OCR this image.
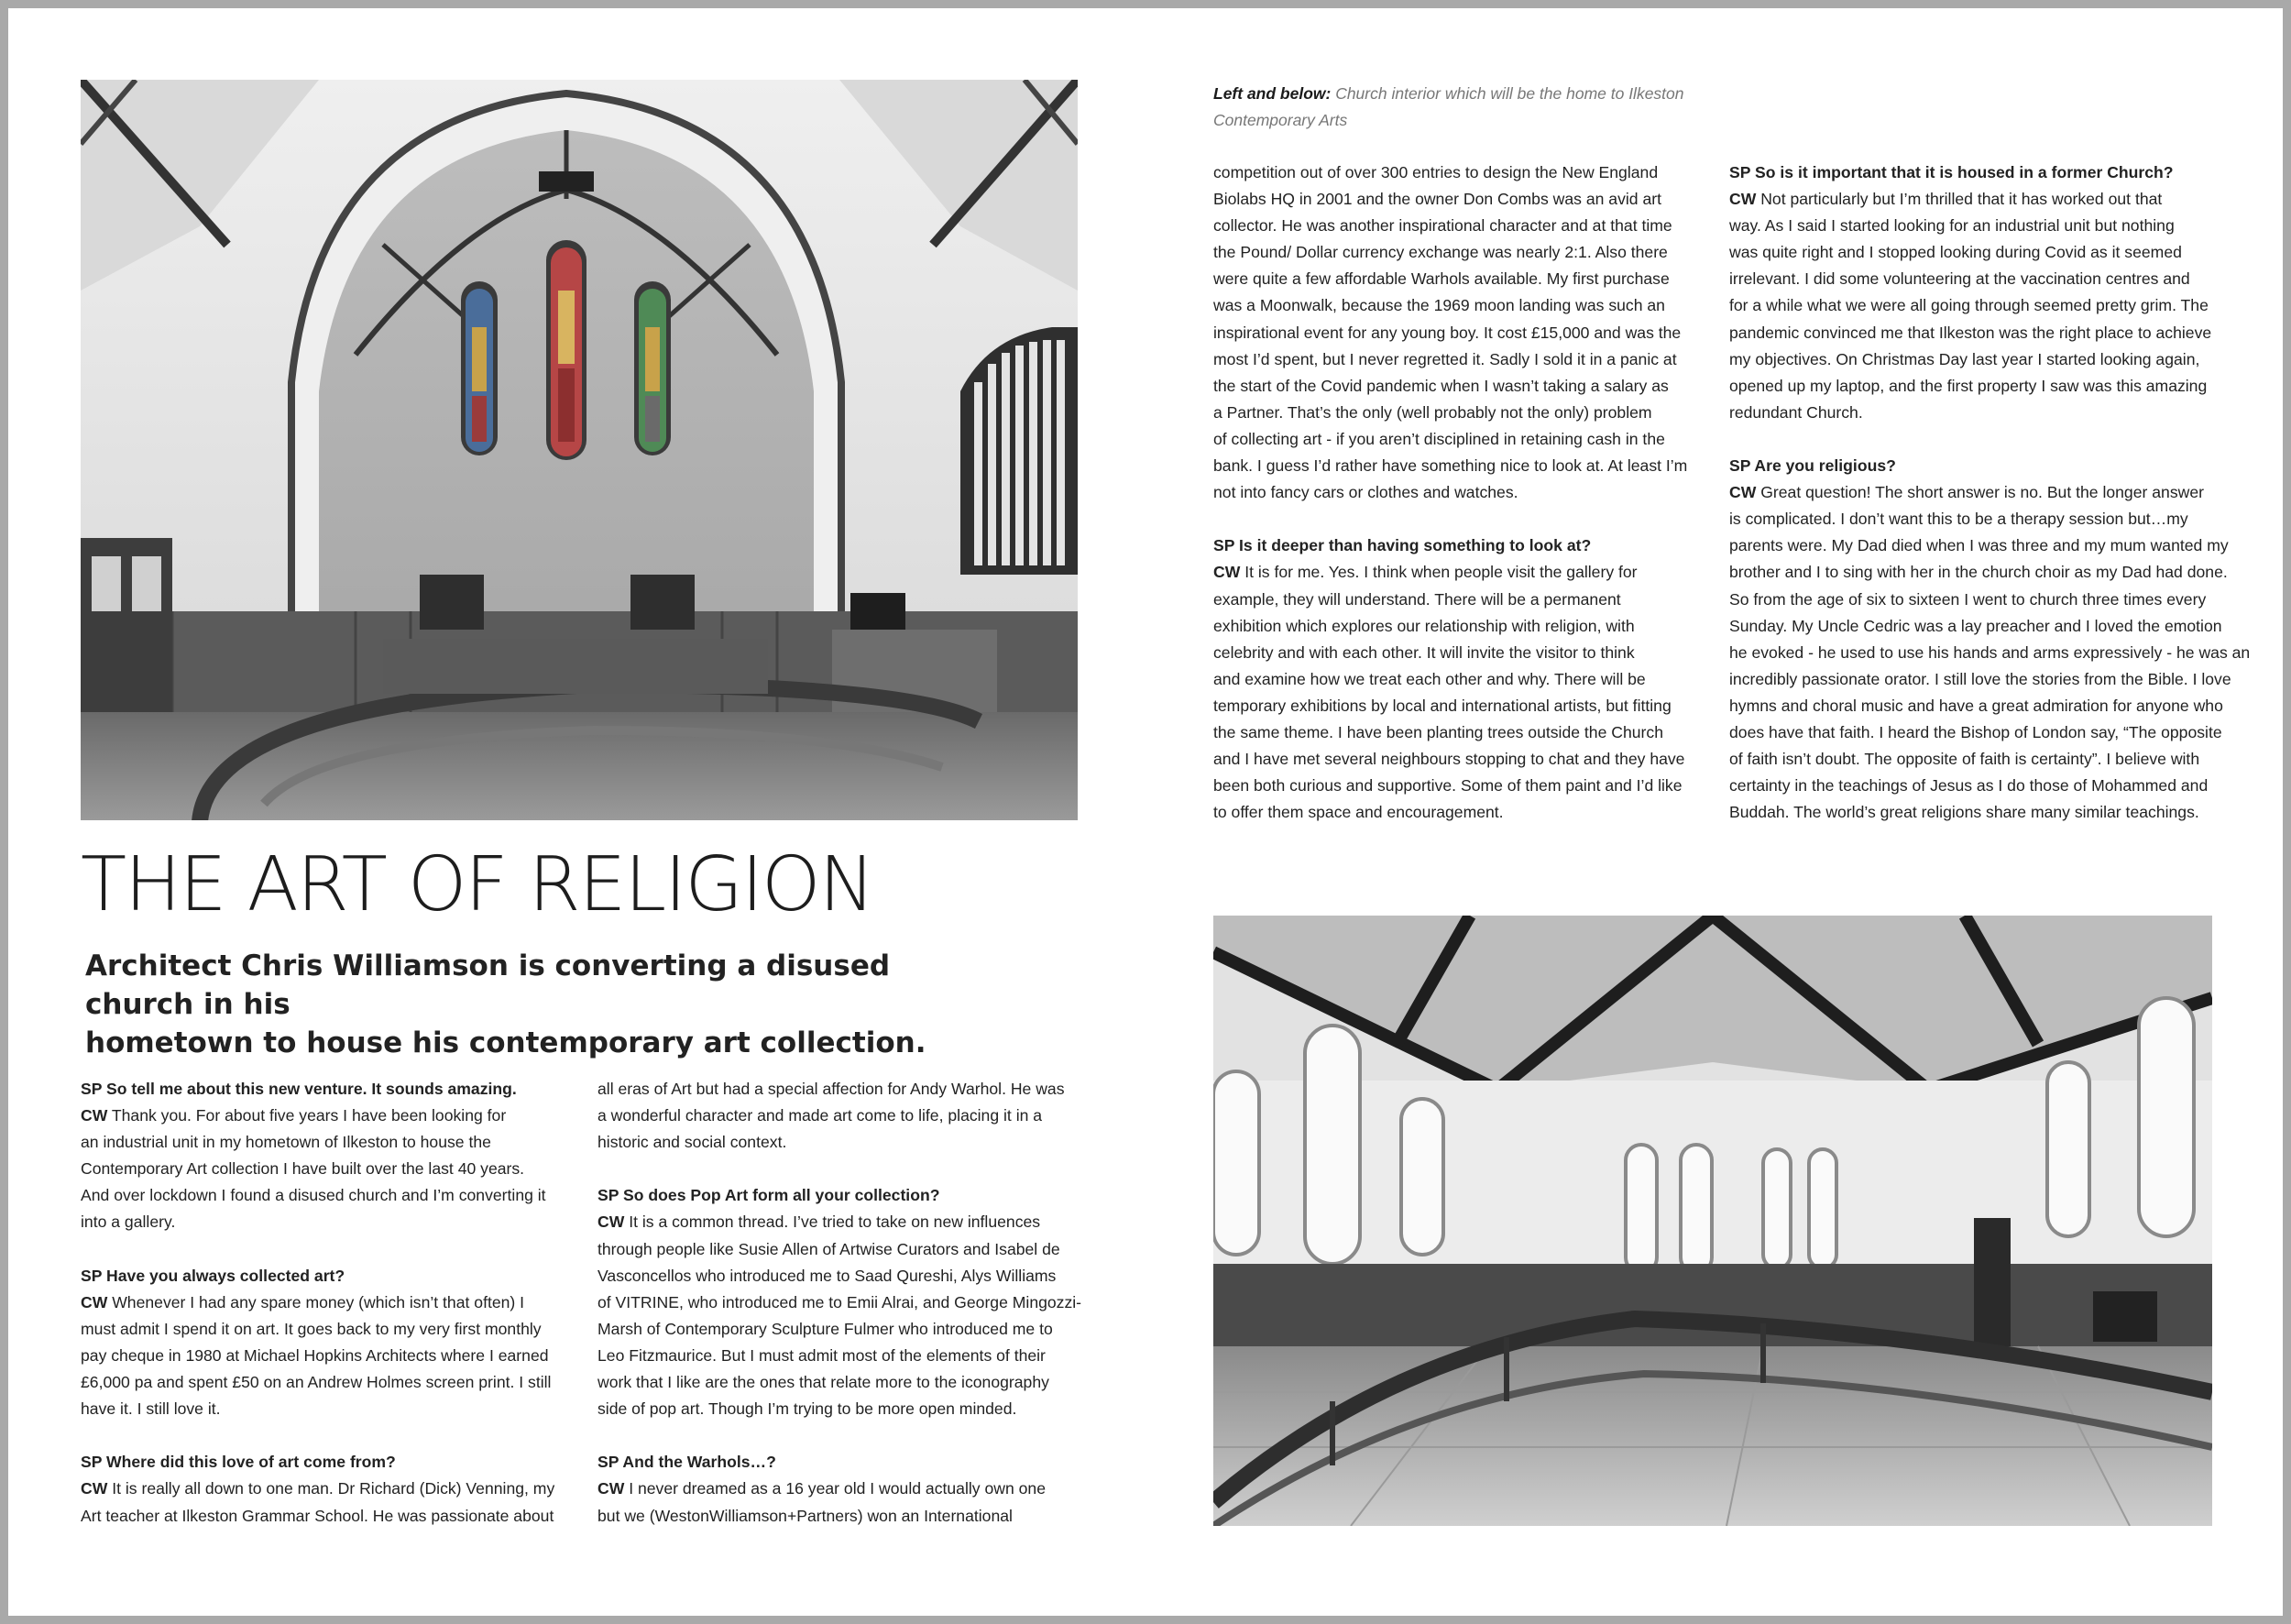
Left and below: Church interior which will be the home to Ilkeston
Contemporary Arts
THE ART OF RELIGION
Architect Chris Williamson is converting a disused church in his
hometown to house his contemporary art collection.
SP So tell me about this new venture. It sounds amazing.
CW Thank you. For about five years I have been looking for
an industrial unit in my hometown of Ilkeston to house the
Contemporary Art collection I have built over the last 40 years.
And over lockdown I found a disused church and I’m converting it
into a gallery.

SP Have you always collected art?
CW Whenever I had any spare money (which isn’t that often) I
must admit I spend it on art. It goes back to my very first monthly
pay cheque in 1980 at Michael Hopkins Architects where I earned
£6,000 pa and spent £50 on an Andrew Holmes screen print. I still
have it. I still love it.

SP Where did this love of art come from?
CW It is really all down to one man. Dr Richard (Dick) Venning, my
Art teacher at Ilkeston Grammar School. He was passionate about
all eras of Art but had a special affection for Andy Warhol. He was
a wonderful character and made art come to life, placing it in a
historic and social context.

SP So does Pop Art form all your collection?
CW It is a common thread. I’ve tried to take on new influences
through people like Susie Allen of Artwise Curators and Isabel de
Vasconcellos who introduced me to Saad Qureshi, Alys Williams
of VITRINE, who introduced me to Emii Alrai, and George Mingozzi-
Marsh of Contemporary Sculpture Fulmer who introduced me to
Leo Fitzmaurice. But I must admit most of the elements of their
work that I like are the ones that relate more to the iconography
side of pop art. Though I’m trying to be more open minded.

SP And the Warhols…?
CW I never dreamed as a 16 year old I would actually own one
but we (WestonWilliamson+Partners) won an International
competition out of over 300 entries to design the New England
Biolabs HQ in 2001 and the owner Don Combs was an avid art
collector. He was another inspirational character and at that time
the Pound/ Dollar currency exchange was nearly 2:1. Also there
were quite a few affordable Warhols available. My first purchase
was a Moonwalk, because the 1969 moon landing was such an
inspirational event for any young boy. It cost £15,000 and was the
most I’d spent, but I never regretted it. Sadly I sold it in a panic at
the start of the Covid pandemic when I wasn’t taking a salary as
a Partner. That’s the only (well probably not the only) problem
of collecting art - if you aren’t disciplined in retaining cash in the
bank. I guess I’d rather have something nice to look at. At least I’m
not into fancy cars or clothes and watches.

SP Is it deeper than having something to look at?
CW It is for me. Yes. I think when people visit the gallery for
example, they will understand. There will be a permanent
exhibition which explores our relationship with religion, with
celebrity and with each other. It will invite the visitor to think
and examine how we treat each other and why. There will be
temporary exhibitions by local and international artists, but fitting
the same theme. I have been planting trees outside the Church
and I have met several neighbours stopping to chat and they have
been both curious and supportive. Some of them paint and I’d like
to offer them space and encouragement.
SP So is it important that it is housed in a former Church?
CW Not particularly but I’m thrilled that it has worked out that
way. As I said I started looking for an industrial unit but nothing
was quite right and I stopped looking during Covid as it seemed
irrelevant. I did some volunteering at the vaccination centres and
for a while what we were all going through seemed pretty grim. The
pandemic convinced me that Ilkeston was the right place to achieve
my objectives. On Christmas Day last year I started looking again,
opened up my laptop, and the first property I saw was this amazing
redundant Church.

SP Are you religious?
CW Great question! The short answer is no. But the longer answer
is complicated. I don’t want this to be a therapy session but…my
parents were. My Dad died when I was three and my mum wanted my
brother and I to sing with her in the church choir as my Dad had done.
So from the age of six to sixteen I went to church three times every
Sunday. My Uncle Cedric was a lay preacher and I loved the emotion
he evoked - he used to use his hands and arms expressively - he was an
incredibly passionate orator. I still love the stories from the Bible. I love
hymns and choral music and have a great admiration for anyone who
does have that faith. I heard the Bishop of London say, “The opposite
of faith isn’t doubt. The opposite of faith is certainty”. I believe with
certainty in the teachings of Jesus as I do those of Mohammed and
Buddah. The world’s great religions share many similar teachings.
